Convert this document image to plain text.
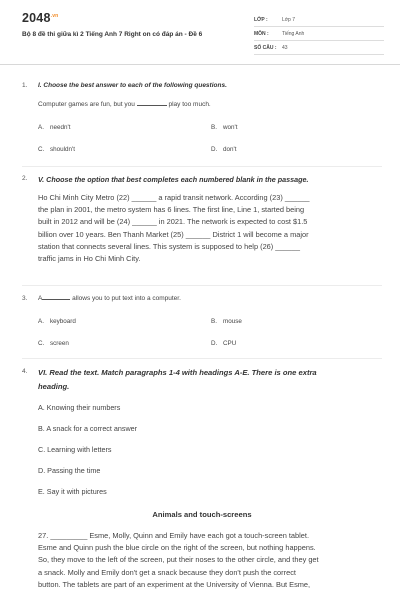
$2048^{.vn}$
Bộ 8 đề thi giữa kì 2 Tiếng Anh 7 Right on có đáp án - Đề 6
LỚP :	Lớp 7
MÔN :	Tiếng Anh
SỐ CÂU :	43
1. I. Choose the best answer to each of the following questions.
Computer games are fun, but you	play too much.
A. needn't	B. won't
C. shouldn't	D. don't
2. V. Choose the option that best completes each numbered blank in the passage.
Ho Chi Minh City Metro (22) ______ a rapid transit network. According (23) ______
the plan in 2001, the metro system has 6 lines. The first line, Line 1, started being
built in 2012 and will be (24) ______ in 2021. The network is expected to cost $1.5
billion over 10 years. Ben Thanh Market (25) ______ District 1 will become a major
station that connects several lines. This system is supposed to help (26) ______
traffic jams in Ho Chi Minh City.
3. A	allows you to put text into a computer.
A. keyboard	B. mouse
C. screen	D. CPU
4. VI. Read the text. Match paragraphs 1-4 with headings A-E. There is one extra
heading.
A. Knowing their numbers
B. A snack for a correct answer
C. Learning with letters
D. Passing the time
E. Say it with pictures
Animals and touch-screens
27. _________ Esme, Molly, Quinn and Emily have each got a touch-screen tablet.
Esme and Quinn push the blue circle on the right of the screen, but nothing happens.
So, they move to the left of the screen, put their noses to the other circle, and they get
a snack. Molly and Emily don't get a snack because they don't push the correct
button. The tablets are part of an experiment at the University of Vienna. But Esme,
